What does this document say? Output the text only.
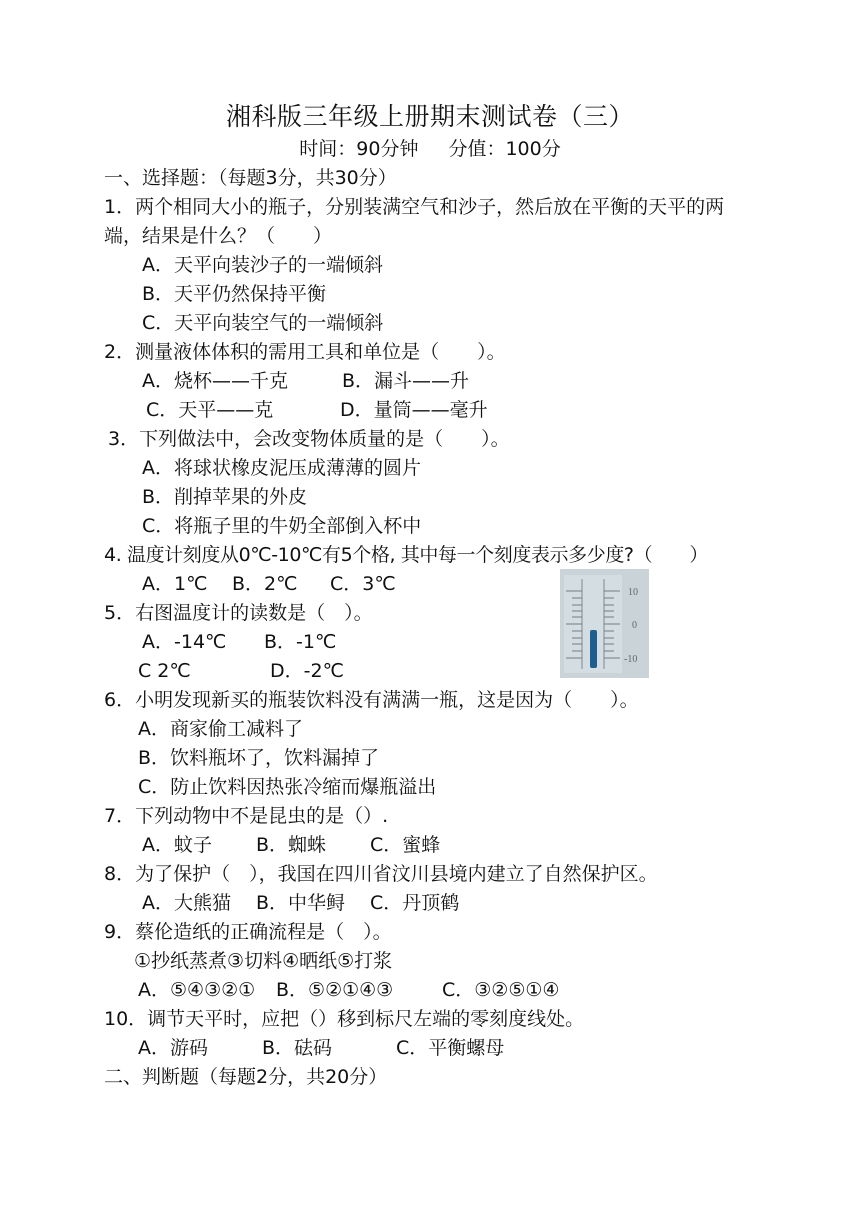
湘科版三年级上册期末测试卷（三）
时间：90分钟 分值：100分
一、选择题：（每题3分，共30分）
1．两个相同大小的瓶子，分别装满空气和沙子，然后放在平衡的天平的两
端，结果是什么？（　　）
A．天平向装沙子的一端倾斜
B．天平仍然保持平衡
C．天平向装空气的一端倾斜
2．测量液体体积的需用工具和单位是（　　）。
A．烧杯——千克	B．漏斗——升
C．天平——克	D．量筒——毫升
3．下列做法中，会改变物体质量的是（　　）。
A．将球状橡皮泥压成薄薄的圆片
B．削掉苹果的外皮
C．将瓶子里的牛奶全部倒入杯中
4. 温度计刻度从0℃-10℃有5个格, 其中每一个刻度表示多少度?（　　）
A．1℃ B．2℃ C．3℃
5．右图温度计的读数是（　）。
A．-14℃ B．-1℃
C 2℃	D．-2℃
10
0
-10
6．小明发现新买的瓶装饮料没有满满一瓶，这是因为（　　）。
A．商家偷工减料了
B．饮料瓶坏了，饮料漏掉了
C．防止饮料因热张冷缩而爆瓶溢出
7．下列动物中不是昆虫的是（）.
A．蚊子 B．蜘蛛 C．蜜蜂
8．为了保护（　），我国在四川省汶川县境内建立了自然保护区。
A．大熊猫 B．中华鲟 C．丹顶鹤
9．蔡伦造纸的正确流程是（　）。
①抄纸蒸煮③切料④晒纸⑤打浆
A．⑤④③②① B．⑤②①④③	C．③②⑤①④
10．调节天平时，应把（）移到标尺左端的零刻度线处。
A．游码	B．砝码	C．平衡螺母
二、判断题（每题2分，共20分）
